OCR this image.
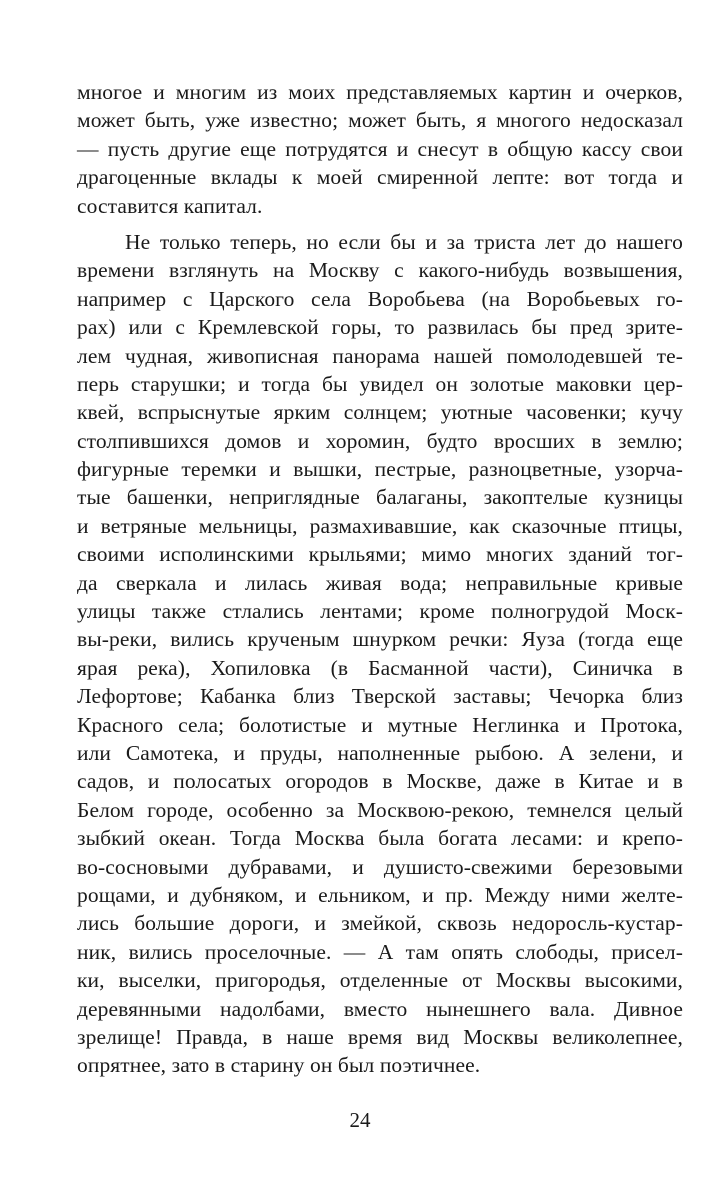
многое и многим из моих представляемых картин и очерков,
может быть, уже известно; может быть, я многого недосказал
— пусть другие еще потрудятся и снесут в общую кассу свои
драгоценные вклады к моей смиренной лепте: вот тогда и
составится капитал.
Не только теперь, но если бы и за триста лет до нашего
времени взглянуть на Москву с какого-нибудь возвышения,
например с Царского села Воробьева (на Воробьевых го-
рах) или с Кремлевской горы, то развилась бы пред зрите-
лем чудная, живописная панорама нашей помолодевшей те-
перь старушки; и тогда бы увидел он золотые маковки цер-
квей, вспрыснутые ярким солнцем; уютные часовенки; кучу
столпившихся домов и хоромин, будто вросших в землю;
фигурные теремки и вышки, пестрые, разноцветные, узорча-
тые башенки, неприглядные балаганы, закоптелые кузницы
и ветряные мельницы, размахивавшие, как сказочные птицы,
своими исполинскими крыльями; мимо многих зданий тог-
да сверкала и лилась живая вода; неправильные кривые
улицы также стлались лентами; кроме полногрудой Моск-
вы-реки, вились крученым шнурком речки: Яуза (тогда еще
ярая река), Хопиловка (в Басманной части), Синичка в
Лефортове; Кабанка близ Тверской заставы; Чечорка близ
Красного села; болотистые и мутные Неглинка и Протока,
или Самотека, и пруды, наполненные рыбою. А зелени, и
садов, и полосатых огородов в Москве, даже в Китае и в
Белом городе, особенно за Москвою-рекою, темнелся целый
зыбкий океан. Тогда Москва была богата лесами: и крепо-
во-сосновыми дубравами, и душисто-свежими березовыми
рощами, и дубняком, и ельником, и пр. Между ними желте-
лись большие дороги, и змейкой, сквозь недоросль-кустар-
ник, вились проселочные. — А там опять слободы, присел-
ки, выселки, пригородья, отделенные от Москвы высокими,
деревянными надолбами, вместо нынешнего вала. Дивное
зрелище! Правда, в наше время вид Москвы великолепнее,
опрятнее, зато в старину он был поэтичнее.
24
